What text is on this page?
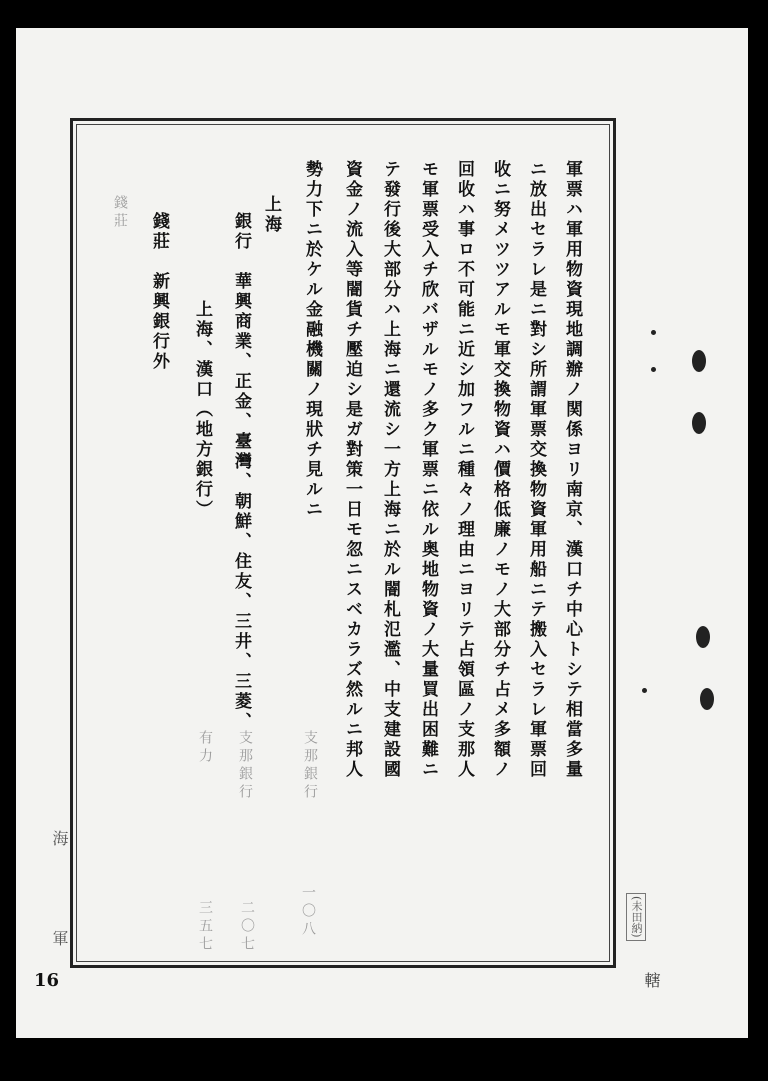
軍票ハ軍用物資現地調辦ノ関係ヨリ南京、漢口チ中心トシテ相當多量
ニ放出セラレ是ニ對シ所謂軍票交換物資軍用船ニテ搬入セラレ軍票回
收ニ努メツツアルモ軍交換物資ハ價格低廉ノモノ大部分チ占メ多額ノ
回收ハ事ロ不可能ニ近シ加フルニ種々ノ理由ニヨリテ占領區ノ支那人
モ軍票受入チ欣バザルモノ多ク軍票ニ依ル奥地物資ノ大量買出困難ニ
テ發行後大部分ハ上海ニ還流シ一方上海ニ於ル闇札氾濫、中支建設國
資金ノ流入等闇貨チ壓迫シ是ガ對策一日モ忽ニスベカラズ然ルニ邦人
勢力下ニ於ケル金融機關ノ現狀チ見ルニ
上海
銀行　華興商業、正金、臺灣、朝鮮、住友、三井、三菱、
上海、漢口（地方銀行）
錢莊　新興銀行外
支那銀行
有力
一〇八
二〇七
三五七
支那銀行
錢莊
16
海
軍
(未田納)
轄
